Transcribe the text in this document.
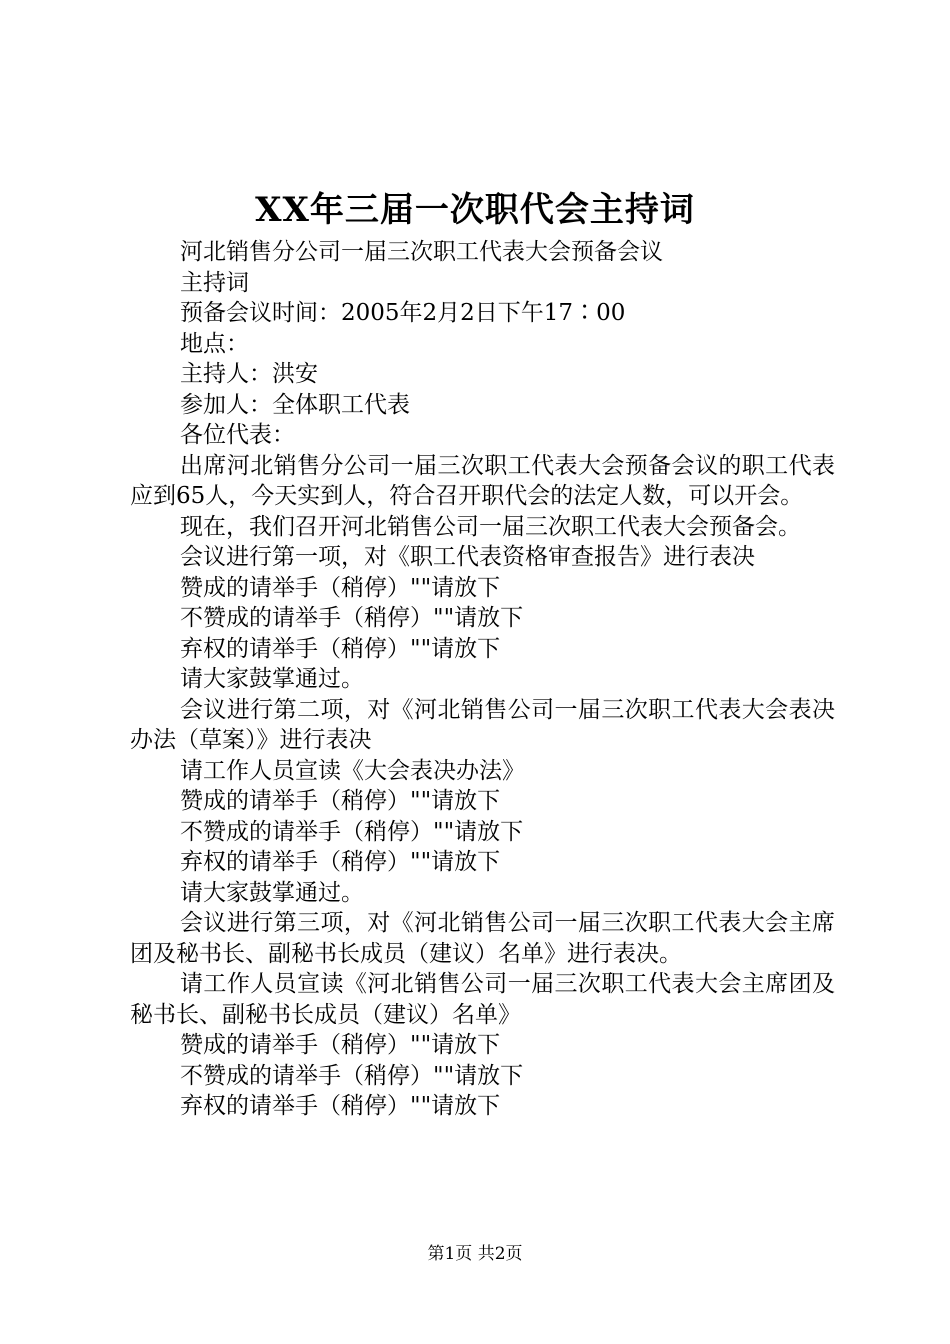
XX年三届一次职代会主持词

河北销售分公司一届三次职工代表大会预备会议

主持词

预备会议时间：2005年2月2日下午17∶00

地点：

主持人：洪安

参加人：全体职工代表

各位代表：

出席河北销售分公司一届三次职工代表大会预备会议的职工代表应到65人，今天实到人，符合召开职代会的法定人数，可以开会。

现在，我们召开河北销售公司一届三次职工代表大会预备会。

会议进行第一项，对《职工代表资格审查报告》进行表决

赞成的请举手（稍停）""请放下

不赞成的请举手（稍停）""请放下

弃权的请举手（稍停）""请放下

请大家鼓掌通过。

会议进行第二项，对《河北销售公司一届三次职工代表大会表决办法（草案）》进行表决

请工作人员宣读《大会表决办法》

赞成的请举手（稍停）""请放下

不赞成的请举手（稍停）""请放下

弃权的请举手（稍停）""请放下

请大家鼓掌通过。

会议进行第三项，对《河北销售公司一届三次职工代表大会主席团及秘书长、副秘书长成员（建议）名单》进行表决。

请工作人员宣读《河北销售公司一届三次职工代表大会主席团及秘书长、副秘书长成员（建议）名单》

赞成的请举手（稍停）""请放下

不赞成的请举手（稍停）""请放下

弃权的请举手（稍停）""请放下

第1页 共2页
